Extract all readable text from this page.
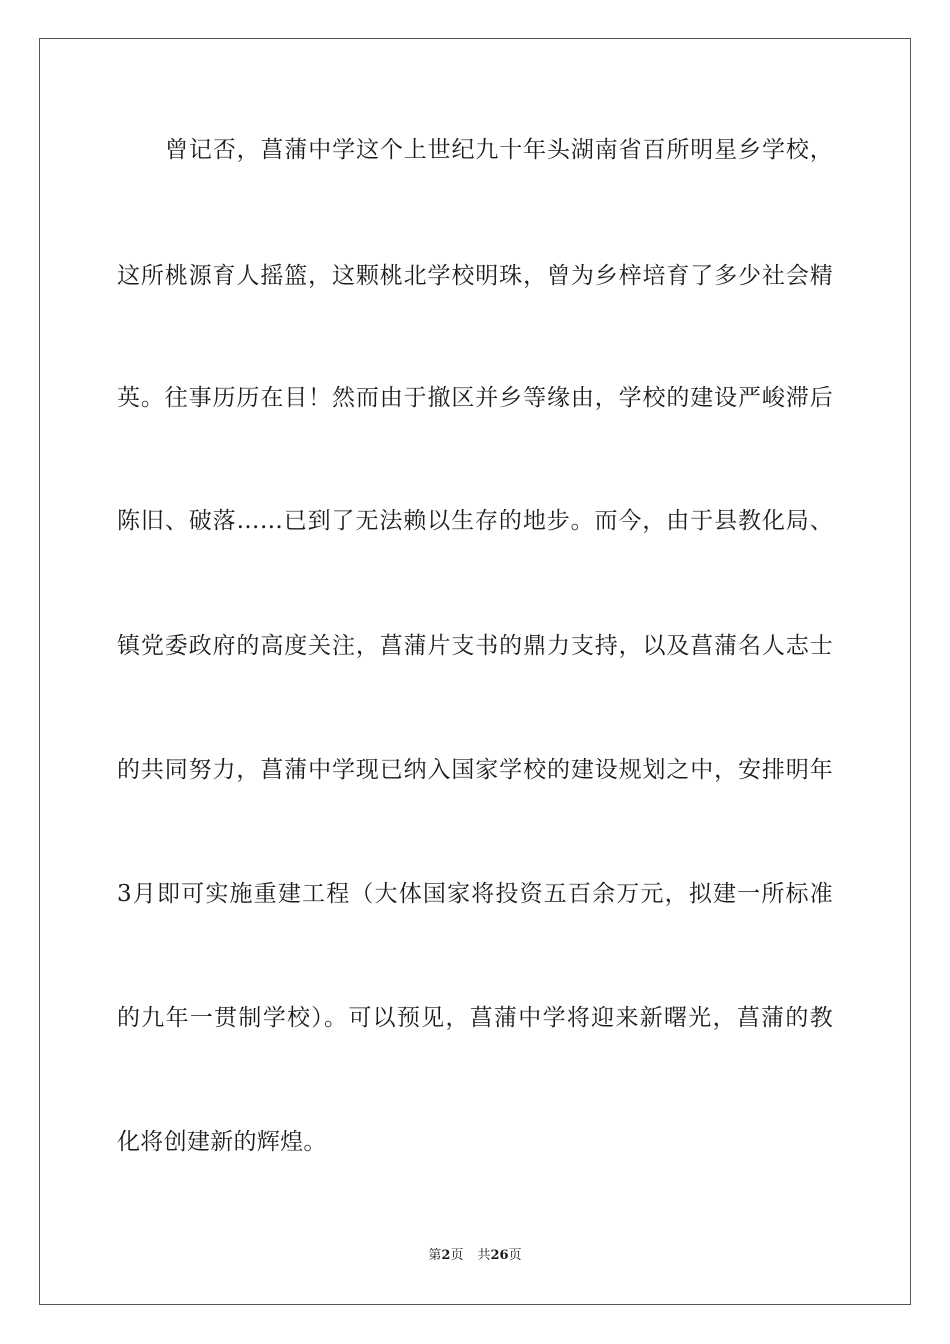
曾记否，菖蒲中学这个上世纪九十年头湖南省百所明星乡学校，
这所桃源育人摇篮，这颗桃北学校明珠，曾为乡梓培育了多少社会精
英。往事历历在目！然而由于撤区并乡等缘由，学校的建设严峻滞后
陈旧、破落……已到了无法赖以生存的地步。而今，由于县教化局、
镇党委政府的高度关注，菖蒲片支书的鼎力支持，以及菖蒲名人志士
的共同努力，菖蒲中学现已纳入国家学校的建设规划之中，安排明年
3月即可实施重建工程（大体国家将投资五百余万元，拟建一所标准
的九年一贯制学校）。可以预见，菖蒲中学将迎来新曙光，菖蒲的教
化将创建新的辉煌。
第2页 共26页
